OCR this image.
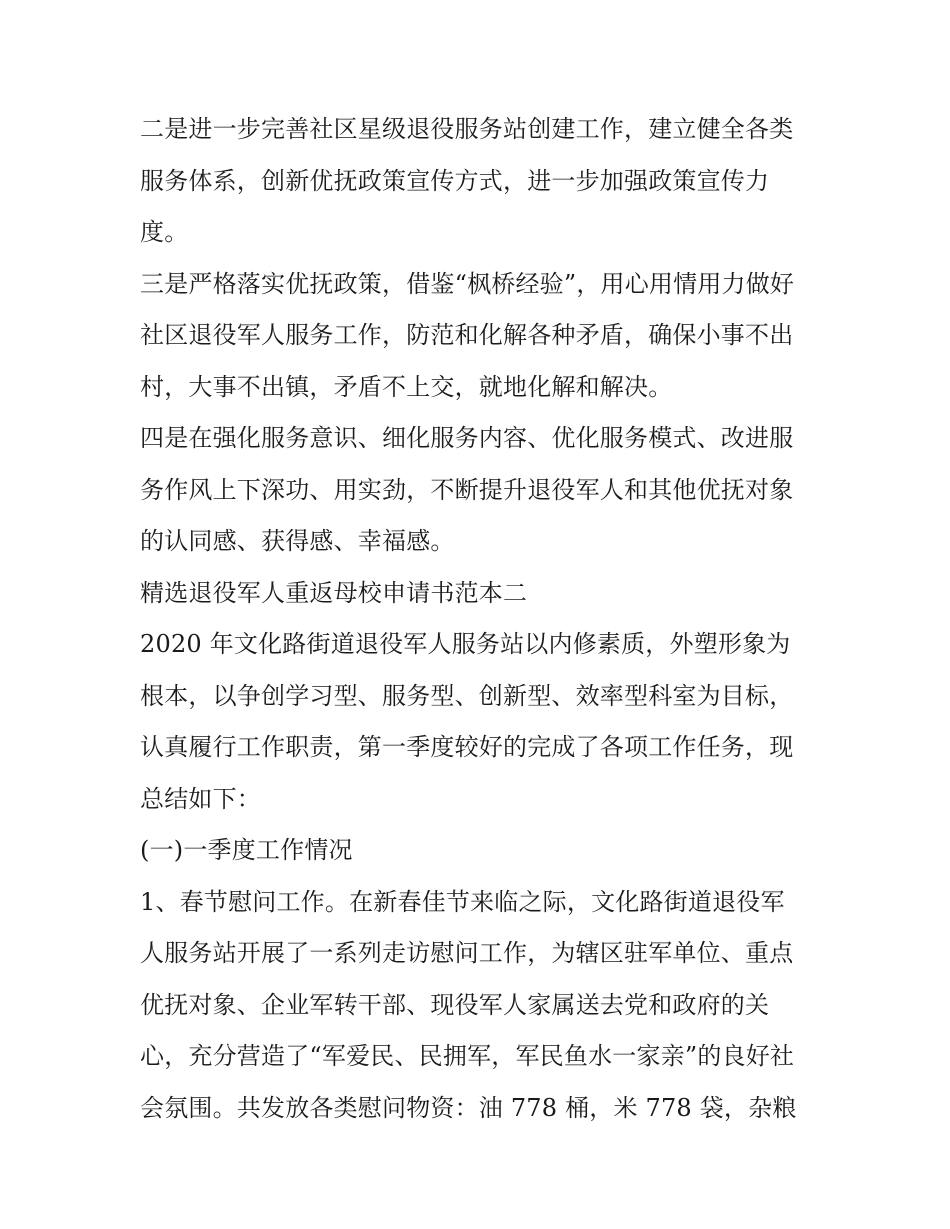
二是进一步完善社区星级退役服务站创建工作，建立健全各类
服务体系，创新优抚政策宣传方式，进一步加强政策宣传力
度。
三是严格落实优抚政策，借鉴“枫桥经验”，用心用情用力做好
社区退役军人服务工作，防范和化解各种矛盾，确保小事不出
村，大事不出镇，矛盾不上交，就地化解和解决。
四是在强化服务意识、细化服务内容、优化服务模式、改进服
务作风上下深功、用实劲，不断提升退役军人和其他优抚对象
的认同感、获得感、幸福感。
精选退役军人重返母校申请书范本二
2020 年文化路街道退役军人服务站以内修素质，外塑形象为
根本，以争创学习型、服务型、创新型、效率型科室为目标，
认真履行工作职责，第一季度较好的完成了各项工作任务，现
总结如下：
(一)一季度工作情况
1、春节慰问工作。在新春佳节来临之际，文化路街道退役军
人服务站开展了一系列走访慰问工作，为辖区驻军单位、重点
优抚对象、企业军转干部、现役军人家属送去党和政府的关
心，充分营造了“军爱民、民拥军，军民鱼水一家亲”的良好社
会氛围。共发放各类慰问物资：油 778 桶，米 778 袋，杂粮
